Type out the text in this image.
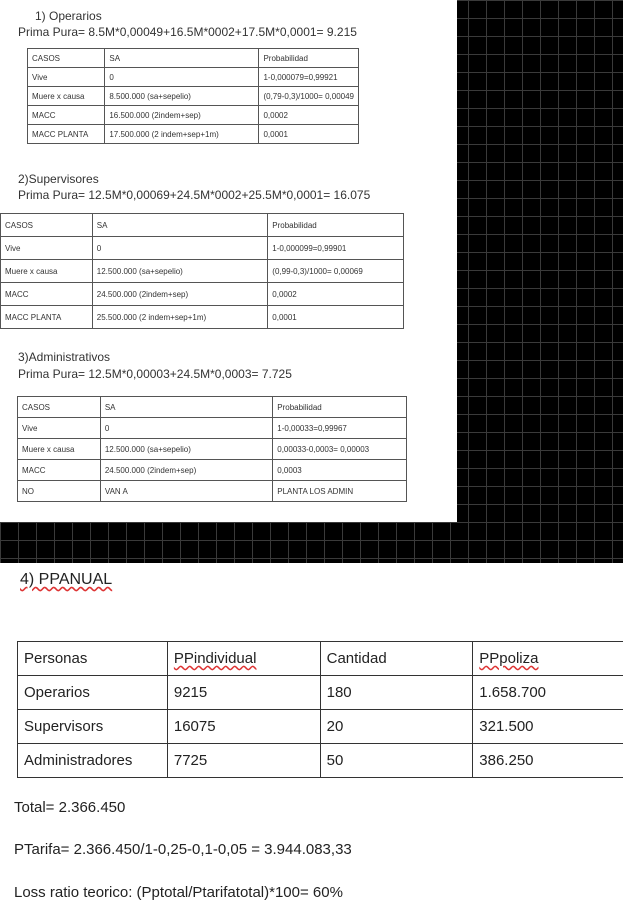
1) Operarios
Prima Pura= 8.5M*0,00049+16.5M*0002+17.5M*0,0001= 9.215
CASOS	SA	Probabilidad
Vive	0	1-0,000079=0,99921
Muere x causa	8.500.000 (sa+sepelio)	(0,79-0,3)/1000= 0,00049
MACC	16.500.000 (2indem+sep)	0,0002
MACC PLANTA	17.500.000 (2 indem+sep+1m)	0,0001
2)Supervisores
Prima Pura= 12.5M*0,00069+24.5M*0002+25.5M*0,0001= 16.075
CASOS	SA	Probabilidad
Vive	0	1-0,000099=0,99901
Muere x causa	12.500.000 (sa+sepelio)	(0,99-0,3)/1000= 0,00069
MACC	24.500.000 (2indem+sep)	0,0002
MACC PLANTA	25.500.000 (2 indem+sep+1m)	0,0001
3)Administrativos
Prima Pura= 12.5M*0,00003+24.5M*0,0003= 7.725
CASOS	SA	Probabilidad
Vive	0	1-0,00033=0,99967
Muere x causa	12.500.000 (sa+sepelio)	0,00033-0,0003= 0,00003
MACC	24.500.000 (2indem+sep)	0,0003
NO	VAN A	PLANTA LOS ADMIN
4) PPANUAL
Personas	PPindividual	Cantidad	PPpoliza
Operarios	9215	180	1.658.700
Supervisors	16075	20	321.500
Administradores	7725	50	386.250
Total= 2.366.450
PTarifa= 2.366.450/1-0,25-0,1-0,05 = 3.944.083,33
Loss ratio teorico: (Pptotal/Ptarifatotal)*100= 60%
